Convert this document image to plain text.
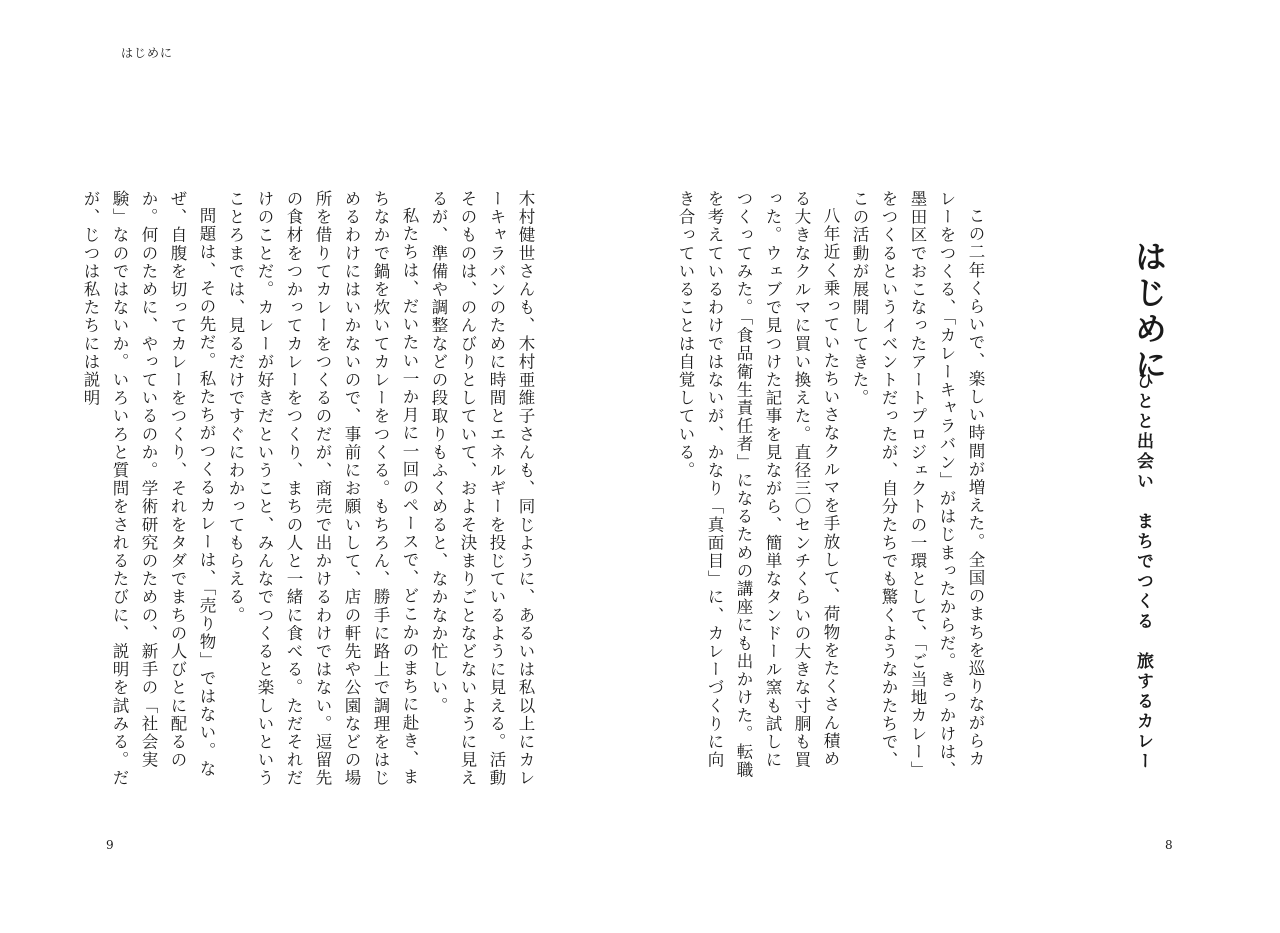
はじめに

木村健世さんも、木村亜維子さんも、同じように、あるいは私以上にカレーキャラバンのために時間とエネルギーを投じているように見える。活動そのものは、のんびりとしていて、およそ決まりごとなどないように見えるが、準備や調整などの段取りもふくめると、なかなか忙しい。

私たちは、だいたい一か月に一回のペースで、どこかのまちに赴き、まちなかで鍋を炊いてカレーをつくる。もちろん、勝手に路上で調理をはじめるわけにはいかないので、事前にお願いして、店の軒先や公園などの場所を借りてカレーをつくるのだが、商売で出かけるわけではない。逗留先の食材をつかってカレーをつくり、まちの人と一緒に食べる。ただそれだけのことだ。カレーが好きだということ、みんなでつくると楽しいということろまでは、見るだけですぐにわかってもらえる。

問題は、その先だ。私たちがつくるカレーは、「売り物」ではない。なぜ、自腹を切ってカレーをつくり、それをタダでまちの人びとに配るのか。何のために、やっているのか。学術研究のための、新手の「社会実験」なのではないか。いろいろと質問をされるたびに、説明を試みる。だが、じつは私たちには説明	この二年くらいで、楽しい時間が増えた。全国のまちを巡りながらカレーをつくる、「カレーキャラバン」がはじまったからだ。きっかけは、墨田区でおこなったアートプロジェクトの一環として、「ご当地カレー」をつくるというイベントだったが、自分たちでも驚くようなかたちで、この活動が展開してきた。

八年近く乗っていたちいさなクルマを手放して、荷物をたくさん積める大きなクルマに買い換えた。直径三〇センチくらいの大きな寸胴も買った。ウェブで見つけた記事を見ながら、簡単なタンドール窯も試しにつくってみた。「食品衛生責任者」になるための講座にも出かけた。転職を考えているわけではないが、かなり「真面目」に、カレーづくりに向き合っていることは自覚している。	はじめに
ひとと出会い　まちでつくる　旅するカレー
9	8
